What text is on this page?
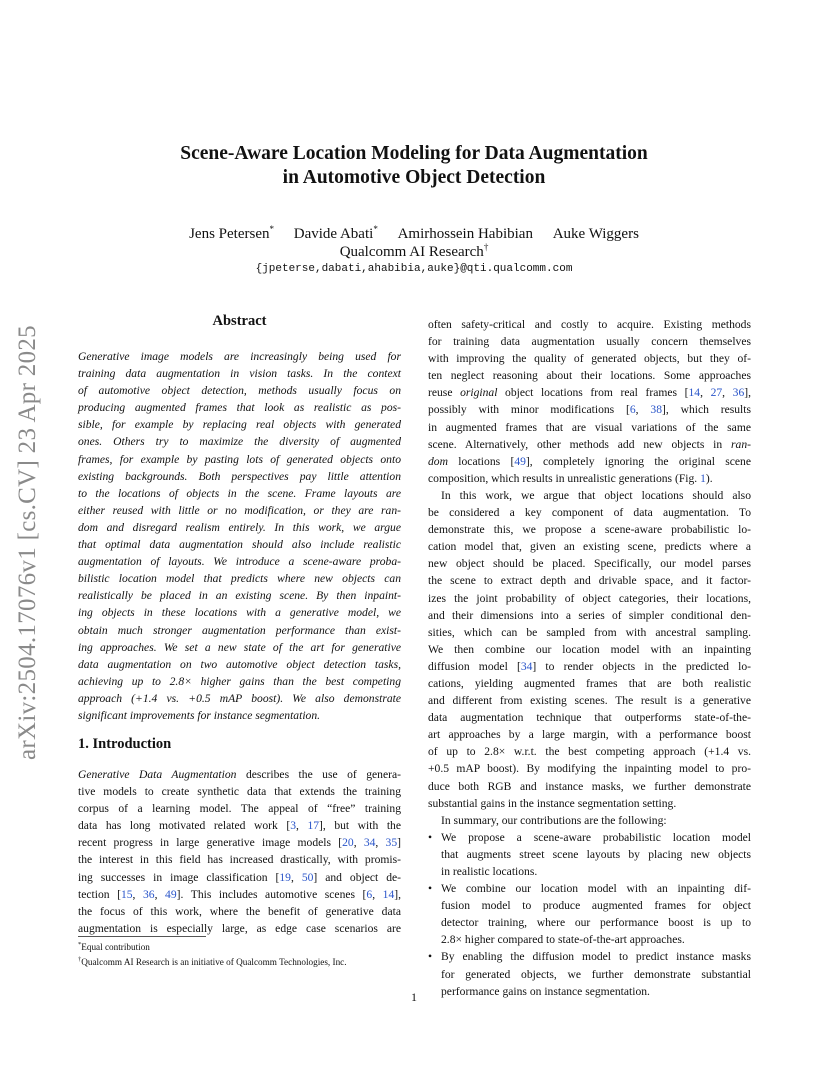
arXiv:2504.17076v1 [cs.CV] 23 Apr 2025
Scene-Aware Location Modeling for Data Augmentation
in Automotive Object Detection
Jens Petersen* Davide Abati* Amirhossein Habibian Auke Wiggers
Qualcomm AI Research†
{jpeterse,dabati,ahabibia,auke}@qti.qualcomm.com
Abstract
Generative image models are increasingly being used for
training data augmentation in vision tasks. In the context
of automotive object detection, methods usually focus on
producing augmented frames that look as realistic as pos-
sible, for example by replacing real objects with generated
ones. Others try to maximize the diversity of augmented
frames, for example by pasting lots of generated objects onto
existing backgrounds. Both perspectives pay little attention
to the locations of objects in the scene. Frame layouts are
either reused with little or no modification, or they are ran-
dom and disregard realism entirely. In this work, we argue
that optimal data augmentation should also include realistic
augmentation of layouts. We introduce a scene-aware proba-
bilistic location model that predicts where new objects can
realistically be placed in an existing scene. By then inpaint-
ing objects in these locations with a generative model, we
obtain much stronger augmentation performance than exist-
ing approaches. We set a new state of the art for generative
data augmentation on two automotive object detection tasks,
achieving up to 2.8× higher gains than the best competing
approach (+1.4 vs. +0.5 mAP boost). We also demonstrate
significant improvements for instance segmentation.
1. Introduction
Generative Data Augmentation describes the use of genera-
tive models to create synthetic data that extends the training
corpus of a learning model. The appeal of “free” training
data has long motivated related work [3, 17], but with the
recent progress in large generative image models [20, 34, 35]
the interest in this field has increased drastically, with promis-
ing successes in image classification [19, 50] and object de-
tection [15, 36, 49]. This includes automotive scenes [6, 14],
the focus of this work, where the benefit of generative data
augmentation is especially large, as edge case scenarios are
*Equal contribution
†Qualcomm AI Research is an initiative of Qualcomm Technologies, Inc.
often safety-critical and costly to acquire. Existing methods
for training data augmentation usually concern themselves
with improving the quality of generated objects, but they of-
ten neglect reasoning about their locations. Some approaches
reuse original object locations from real frames [14, 27, 36],
possibly with minor modifications [6, 38], which results
in augmented frames that are visual variations of the same
scene. Alternatively, other methods add new objects in ran-
dom locations [49], completely ignoring the original scene
composition, which results in unrealistic generations (Fig. 1).
In this work, we argue that object locations should also
be considered a key component of data augmentation. To
demonstrate this, we propose a scene-aware probabilistic lo-
cation model that, given an existing scene, predicts where a
new object should be placed. Specifically, our model parses
the scene to extract depth and drivable space, and it factor-
izes the joint probability of object categories, their locations,
and their dimensions into a series of simpler conditional den-
sities, which can be sampled from with ancestral sampling.
We then combine our location model with an inpainting
diffusion model [34] to render objects in the predicted lo-
cations, yielding augmented frames that are both realistic
and different from existing scenes. The result is a generative
data augmentation technique that outperforms state-of-the-
art approaches by a large margin, with a performance boost
of up to 2.8× w.r.t. the best competing approach (+1.4 vs.
+0.5 mAP boost). By modifying the inpainting model to pro-
duce both RGB and instance masks, we further demonstrate
substantial gains in the instance segmentation setting.
In summary, our contributions are the following:
• We propose a scene-aware probabilistic location model
that augments street scene layouts by placing new objects
in realistic locations.
• We combine our location model with an inpainting dif-
fusion model to produce augmented frames for object
detector training, where our performance boost is up to
2.8× higher compared to state-of-the-art approaches.
• By enabling the diffusion model to predict instance masks
for generated objects, we further demonstrate substantial
performance gains on instance segmentation.
1
